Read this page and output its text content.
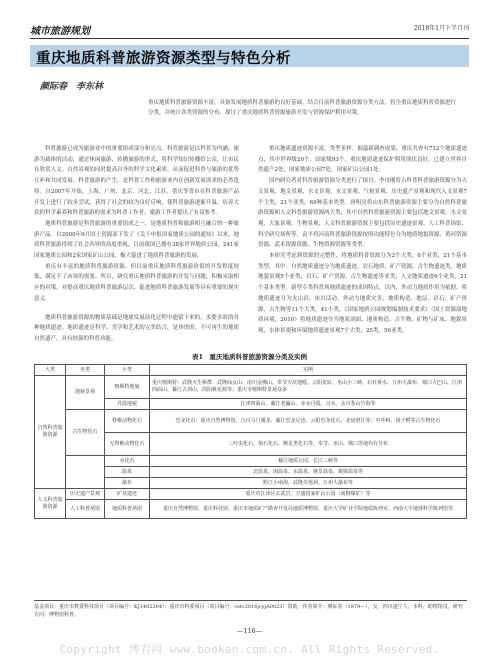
城市旅游规划	2018年1月下半月刊
重庆地质科普旅游资源类型与特色分析
颜际春　李东林
重庆地质科普旅游资源丰富，具备发展地质科普旅游的良好基础。结合目前科普旅游资源分类方法，将全重庆地质科普资源进行分类，并统计各类资源的分布，探讨了重庆地质科普资源旅游开发与资源保护利用对策。

科普旅游已成为旅游业中的重要组成部分和亮点。科普旅游是以科普为内涵，旅游为载体的活动，通过休闲旅游，传播旅游的形式，将科学知识传播给公众，让市民在欣赏人文、自然景观的同时提高自身的科学文化素质。从而促进科普与旅游的优势互补和共同发展。科普旅游的产生，是科普工作和旅游业内在创新发展需求的必然选择。自2007年开始，上海、广州、北京、河北、江苏、重庆等省市在科普旅游产品开发上进行了较多尝试，获得了社会的较为良好反响，使科普旅游逐渐升温。培养大众的科学素养和科普旅游的需求为科普工作者、旅游工作者提出了有益参考。

地质科普旅游是科普旅游的重要组成之一，是地质科普和旅游相互融合的一种旅游产品。自2000年9月国土资源部下发了《关于申报国家地质公园的通知》以来，地质科普旅游得到了社会各界的高度重视，目前我国已拥有38家世界地质公园，241家国家地质公园和2家国家矿山公园，极大促进了地质科普旅游的发展。

重庆有丰富的地质科普旅游资源，但目前重庆地质科普旅游价值的开发程度较低，满足不了市场的需要。所以，研究重庆地质科普旅游的开发与问题，积极采取相应的对策，对提高重庆地质科普旅游层次、促进地质科普旅游发展等具有重要的现实意义。

地质科普旅游资源的物质基础是地球发展演化过程中遗留下来的，多姿多彩的各种地质遗迹。地质遗迹是科学、美学和艺术的完美结合，是珍贵的、不可再生的地质自然遗产，具有较强的科普功能。

重庆地质遗迹资源丰富，类型多样。据最新调查成果，重庆共查有712个地质遗迹点，其中世界级20个、国家级93个。重庆地质遗迹保护利用现状良好，已建立世界自然遗产2处，国家地质公园7处，国家矿山公园1处。

国内研究者对科普旅游资源分类进行了探讨。李母刚将古科普科普旅游资源分为天文景观、地文景观、水文景观、水文景观、气候景观、历史遗产景观和现代人文景观7个主类，21个亚类，69种基本类型。唐明亮将山东科普旅游资源主要分为自然科普旅游资源和人文科普旅游资源两大类，其中自然科普旅游资源主要包括地文景观、水文景观、天象景观、生物景观；人文科普旅游资源主要包括历史遗迹景观、人工科普场馆、科学研究场所等。袁平将河南科普旅游资源按照功能特色分为地质地貌资源、黄河资源资源、武术资源资源、生物资源资源等类型。

本研究考虑到资源的完整性，将地质科普资源分为2个大类，6个亚类，21个基本类型。其中：自然地质遗迹分为地质遗迹、岩石地质、矿产资源、古生物遗迹类，地质地貌景观5个亚类，岩石、矿产资源、古生物遗迹等亚类；人文地质遗迹6个亚类，21个基本类型。新型专类科普场地质遗迹的成因特点，以内，外动力地质作用为依据，将地质遗迹分为火山岩、冰川活动、外动力地质灾害、地质构造、地层、岩石、矿产资源、古生物等11个大类，41小类。《国家地质公园规划编制技术要求》（国土资源部地质环境，2010）将地质遗迹分为地质剖面、地质构造、古生物、矿物与矿床、地貌景观、水体景观和环境地质遗迹景观7个大类，25类，56亚类。

表1　重庆地质科普旅游资源分类及实例
大类	亚类	小类	实例
自然科普旅游资源	地貌景观	喀斯特地貌	重庆喀斯特：武隆天生桥群、武隆仙女山、南川金佛山、奉节天坑地缝、云阳龙缸、巫山小三峡、石柱黄水、万州大瀑布、城口大巴山、江津四面山、綦江古剑山、酉阳桃花源等；重庆市喀斯特景观众多
		丹霞地貌	江津四面山、綦江老瀛山、赤水丹霞、习水、永川茶山竹海等
	古生物化石	脊椎动物化石	恐龙化石：重庆自然博物馆、合川马门溪龙、綦江恐龙足迹、云阳恐龙化石、北碚澄江等；中华鲟、扬子鳄等古生物化石
		无脊椎动物化石	三叶虫化石、菊石化石、腕足类化石等，奉节、巫山、城口等地均有分布
		水化石	綦江地质公园、长江三峡等
		温泉	北温泉、南温泉、东温泉、统景温泉、铜梁温泉等
		瀑布	黔江小南海、武隆芙蓉洞、万州大瀑布等
人文科普旅游资源	历史遗产景观	矿业遗迹	重庆市江津区玄武岩、万盛国家矿山公园（南桐煤矿）等
	人工科普场馆	地质科普场馆	重庆自然博物馆、重庆科技馆、重庆市地质矿产勘查开发局地质博物馆、重庆大学矿业学院地质陈列室、西南大学地球科学陈列馆等
基金项目：重庆市教委科技项目（项目编号：KJ1402204）；重庆市科委项目（项目编号：cstc2016jcyjA0023）资助。作者简介：颜际春（1979—），女，四川遂宁人，本科，助理馆员，研究方向：博物馆科普。
—116—
Copyright 博看网 www.bookan.com.cn. All Rights Reserved.
